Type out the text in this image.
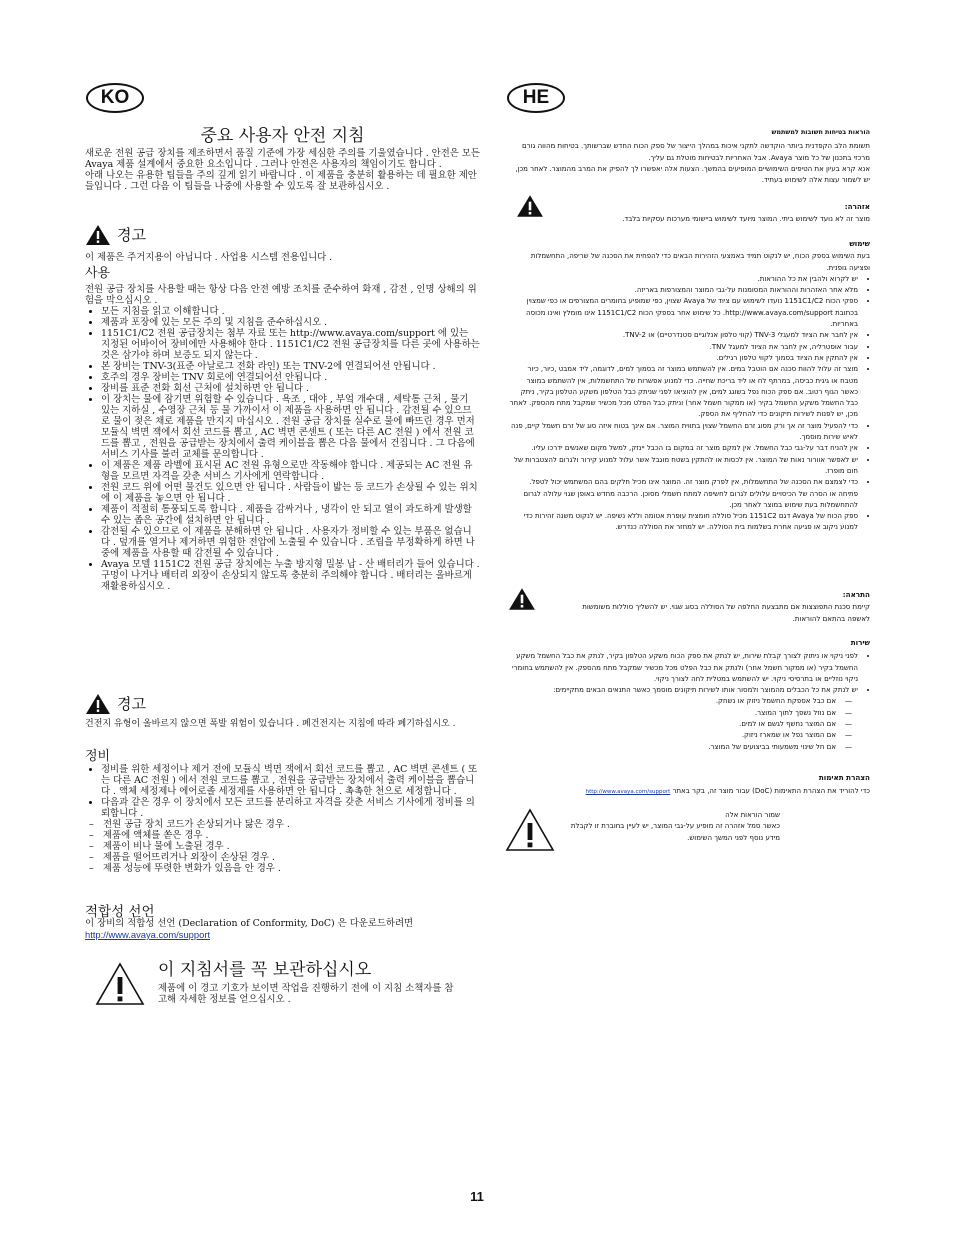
KO
중요 사용자 안전 지침
새로운 전원 공급 장치를 제조하면서 품질 기준에 가장 세심한 주의를 기울였습니다 . 안전은 모든 Avaya 제품 설계에서 중요한 요소입니다 . 그러나 안전은 사용자의 책임이기도 합니다 .
아래 나오는 유용한 팁들을 주의 깊게 읽기 바랍니다 . 이 제품을 충분히 활용하는 데 필요한 제안들입니다 . 그런 다음 이 팁들을 나중에 사용할 수 있도록 잘 보관하십시오 .
경고
이 제품은 주거지용이 아닙니다 . 사업용 시스템 전용입니다 .
사용
전원 공급 장치를 사용할 때는 항상 다음 안전 예방 조치를 준수하여 화재 , 감전 , 인명 상해의 위험을 막으십시오 .
• 모든 지침을 읽고 이해합니다 .
• 제품과 포장에 있는 모든 주의 및 지침을 준수하십시오 .
• 1151C1/C2 전원 공급장치는 첨부 자료 또는 http://www.avaya.com/support 에 있는 지정된 어바이어 장비에만 사용해야 한다 . 1151C1/C2 전원 공급장치를 다른 곳에 사용하는 것은 삼가야 하며 보증도 되지 않는다 .
• 본 장비는 TNV-3(표준 아날로그 전화 라인) 또는 TNV-2에 연결되어선 안됩니다 .
• 호주의 경우 장비는 TNV 회로에 연결되어선 안됩니다 .
• 장비를 표준 전화 회선 근처에 설치하면 안 됩니다 .
• 이 장치는 물에 잠기면 위험할 수 있습니다 . 욕조 , 대야 , 부엌 개수대 , 세탁통 근처 , 물기 있는 지하실 , 수영장 근처 등 물 가까이서 이 제품을 사용하면 안 됩니다 . 감전될 수 있으므로 물이 젖은 채로 제품을 만지지 마십시오 . 전원 공급 장치를 실수로 물에 빠뜨린 경우 먼저 모듈식 벽면 잭에서 회선 코드를 뽑고 , AC 벽면 콘센트 ( 또는 다른 AC 전원 ) 에서 전원 코드를 뽑고 , 전원을 공급받는 장치에서 출력 케이블을 뽑은 다음 물에서 건집니다 . 그 다음에 서비스 기사를 불러 교체를 문의합니다 .
• 이 제품은 제품 라벨에 표시된 AC 전원 유형으로만 작동해야 합니다 . 제공되는 AC 전원 유형을 모르면 자격을 갖춘 서비스 기사에게 연락합니다 .
• 전원 코드 위에 어떤 물건도 있으면 안 됩니다 . 사람들이 밟는 등 코드가 손상될 수 있는 위치에 이 제품을 놓으면 안 됩니다 .
• 제품이 적절히 통풍되도록 합니다 . 제품을 감싸거나 , 냉각이 안 되고 열이 과도하게 발생할 수 있는 좁은 공간에 설치하면 안 됩니다 .
• 감전될 수 있으므로 이 제품을 분해하면 안 됩니다 . 사용자가 정비할 수 있는 부품은 없습니다 . 덮개를 열거나 제거하면 위험한 전압에 노출될 수 있습니다 . 조립을 부정확하게 하면 나중에 제품을 사용할 때 감전될 수 있습니다 .
• Avaya 모델 1151C2 전원 공급 장치에는 누출 방지형 밀봉 납 - 산 배터리가 들어 있습니다 . 구멍이 나거나 배터리 외장이 손상되지 않도록 충분히 주의해야 합니다 . 배터리는 올바르게 재활용하십시오 .
경고
건전지 유형이 올바르지 않으면 폭발 위험이 있습니다 . 폐건전지는 지침에 따라 폐기하십시오 .
정비
• 정비를 위한 세정이나 제거 전에 모듈식 벽면 잭에서 회선 코드를 뽑고 , AC 벽면 콘센트 ( 또는 다른 AC 전원 ) 에서 전원 코드를 뽑고 , 전원을 공급받는 장치에서 출력 케이블을 뽑습니다 . 액체 세정제나 에어로졸 세정제를 사용하면 안 됩니다 . 촉촉한 천으로 세정합니다 .
• 다음과 같은 경우 이 장치에서 모든 코드를 분리하고 자격을 갖춘 서비스 기사에게 정비를 의뢰합니다 .
– 전원 공급 장치 코드가 손상되거나 닳은 경우 .
– 제품에 액체를 쏟은 경우 .
– 제품이 비나 물에 노출된 경우 .
– 제품을 떨어뜨리거나 외장이 손상된 경우 .
– 제품 성능에 뚜렷한 변화가 있음을 안 경우 .
적합성 선언
이 장비의 적합성 선언 (Declaration of Conformity, DoC) 은 다운로드하려면
http://www.avaya.com/support
이 지침서를 꼭 보관하십시오
제품에 이 경고 기호가 보이면 작업을 진행하기 전에 이 지침 소책자를 참고해 자세한 정보를 얻으십시오 .
HE
הוראות בטיחות חשובות למשתמש
תשומת הלב הקפדנית ביותר הוקדשה לתקני איכות במהלך הייצור של ספק הכוח החדש שברשותך. בטיחות מהווה גורם מרכזי בתכנון של כל מוצר Avaya. אבל האחריות לבטיחות מוטלת גם עליך.
אנא קרא בעיון את הטיפים השימושיים המופיעים בהמשך. הצעות אלה יאפשרו לך להפיק את המרב מהמוצר. לאחר מכן, יש לשמור עצות אלה לשימוש בעתיד.
אזהרה:
מוצר זה לא נועד לשימוש ביתי. המוצר מיועד לשימוש ביישומי מערכות עסקיות בלבד.
שימוש
בעת השימוש בספק הכוח, יש לנקוט תמיד באמצעי הזהירות הבאים כדי להפחית את הסכנה של שריפה, התחשמלות ופציעה גופנית.
• יש לקרוא ולהבין את כל ההוראות.
• מלא אחר האזהרות וההוראות המסומנות על-גבי המוצר והמצורפות באריזה.
• ספקי הכוח 1151C1/C2 נועדו לשימוש עם ציוד של Avaya שצוין, כפי שמופיע בחומרים המצורפים או כפי שמצוין בכתובת http://www.avaya.com/support. כל שימוש אחר בספקי הכוח 1151C1/C2 אינו מומלץ ואינו מכוסה באחריות.
• אין לחבר את הציוד למעגלי TNV-3 (קווי טלפון אנלוגיים סטנדרטיים) או TNV-2.
• עבור אוסטרליה, אין לחבר את הציוד למעגל TNV.
• אין להתקין את הציוד בסמוך לקווי טלפון רגילים.
• מוצר זה עלול להוות סכנה אם הוטבל במים. אין להשתמש במוצר זה בסמוך למים, לדוגמה, ליד אמבט ,כיור, כיור מטבח או גיגית כביסה, במרתף לח או ליד בריכת שחייה. כדי למנוע אפשרות של התחשמלות, אין להשתמש במוצר כאשר הגוף רטוב. אם ספק הכוח נפל בשוגג למים, אין להוציאו לפני שניתק כבל הטלפון משקע הטלפון בקיר, ניתק כבל החשמל משקע החשמל בקיר (או ממקור חשמל אחר) וניתק כבל הפלט מכל מכשיר שמקבל מתח מהספק. לאחר מכן, יש לפנות לשירות תיקונים כדי להחליף את הספק.
• כדי להפעיל מוצר זה אך ורק מסוג זרם החשמל שצוין בתווית המוצר. אם אינך בטוח איזה סוג של זרם חשמל קיים, פנה לאיש שירות מוסמך.
• אין להניח דבר על-גבי כבל החשמל. אין למקם מוצר זה במקום בו הכבל יינזק, למשל מקום שאנשים ידרכו עליו.
• יש לאפשר אוורור נאות של המוצר. אין לכסות או להתקין בשטח מוגבל אשר עלול למנוע קירור ולגרום להצטברות של חום מופרז.
• כדי לצמצם את הסכנה של התחשמלות, אין לפרק מוצר זה. המוצר אינו מכיל חלקים בהם המשתמש יכול לטפל. פתיחה או הסרה של הכיסויים עלולים לגרום לחשיפה למתח חשמלי מסוכן. הרכבה מחדש באופן שגוי עלולה לגרום להתחשמלות בעת שימוש במוצר לאחר מכן.
• ספק הכוח של Avaya דגם 1151C2 מכיל סוללה חומצית עופרת אטומה וללא נשיפה. יש לנקוט משנה זהירות כדי למנוע ניקוב או פגיעה אחרת בשלמות בית הסוללה. יש למחזר את הסוללה כנדרש.
התראה:
קיימת סכנת התפוצצות אם מתבצעת החלפה של הסוללה בסוג שגוי. יש להשליך סוללות משומשות לאשפה בהתאם להוראות.
שירות
• לפני ניקוי או ניתוק לצורך קבלת שירות, יש לנתק את ספק הכוח משקע הטלפון בקיר, לנתק את כבל החשמל משקע החשמל בקיר (או ממקור חשמל אחר) ולנתק את כבל הפלט מכל מכשיר שמקבל מתח מהספק. אין להשתמש בחומרי ניקוי נוזליים או בתרסיסי ניקוי. יש להשתמש במטלית לחה לצורך ניקוי.
• יש לנתק את כל הכבלים מהמוצר ולמסור אותו לשירות תיקונים מוסמך כאשר התנאים הבאים מתקיימים:
— אם כבל אספקת החשמל ניזוק או נשחק.
— אם נוזל נשפך לתוך המוצר.
— אם המוצר נחשף לגשם או למים.
— אם המוצר נפל או שמארז ניזוק.
— אם חל שינוי משמעותי בביצועים של המוצר.
הצהרת תאימות
כדי להוריד את הצהרת התאימות (DoC) עבור מוצר זה, בקר באתר http://www.avaya.com/support
שמור הוראות אלה
כאשר סמל אזהרה זה מופיע על-גבי המוצר, יש לעיין בחוברת זו לקבלת מידע נוסף לפני המשך השימוש.
11
